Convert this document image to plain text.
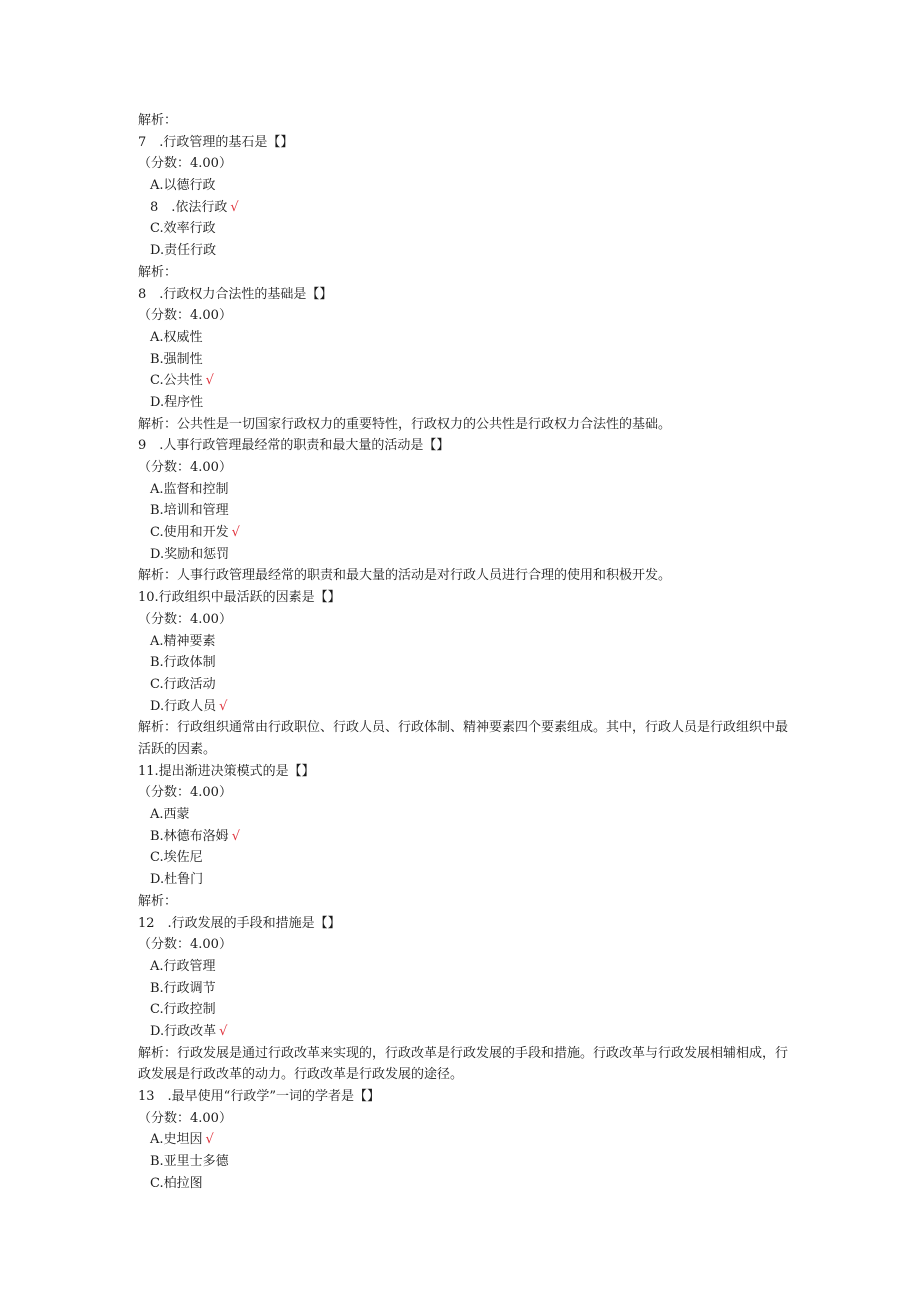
解析：
7　.行政管理的基石是【】
（分数：4.00）
A.以德行政
8　.依法行政 √
C.效率行政
D.责任行政
解析：
8　.行政权力合法性的基础是【】
（分数：4.00）
A.权威性
B.强制性
C.公共性 √
D.程序性
解析：公共性是一切国家行政权力的重要特性，行政权力的公共性是行政权力合法性的基础。
9　.人事行政管理最经常的职责和最大量的活动是【】
（分数：4.00）
A.监督和控制
B.培训和管理
C.使用和开发 √
D.奖励和惩罚
解析：人事行政管理最经常的职责和最大量的活动是对行政人员进行合理的使用和积极开发。
10.行政组织中最活跃的因素是【】
（分数：4.00）
A.精神要素
B.行政体制
C.行政活动
D.行政人员 √
解析：行政组织通常由行政职位、行政人员、行政体制、精神要素四个要素组成。其中，行政人员是行政组织中最活跃的因素。
11.提出渐进决策模式的是【】
（分数：4.00）
A.西蒙
B.林德布洛姆 √
C.埃佐尼
D.杜鲁门
解析：
12　.行政发展的手段和措施是【】
（分数：4.00）
A.行政管理
B.行政调节
C.行政控制
D.行政改革 √
解析：行政发展是通过行政改革来实现的，行政改革是行政发展的手段和措施。行政改革与行政发展相辅相成，行政发展是行政改革的动力。行政改革是行政发展的途径。
13　.最早使用“行政学”一词的学者是【】
（分数：4.00）
A.史坦因 √
B.亚里士多德
C.柏拉图
